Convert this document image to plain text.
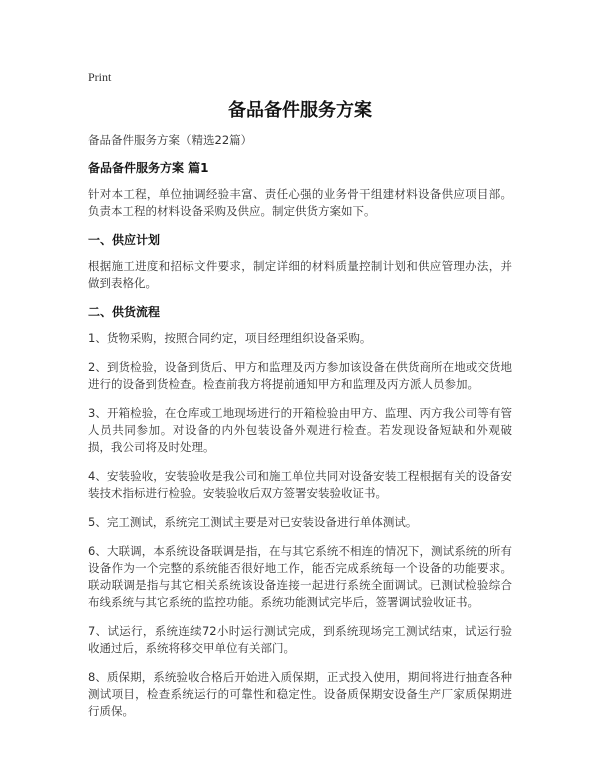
Print
备品备件服务方案
备品备件服务方案（精选22篇）
备品备件服务方案 篇1
针对本工程，单位抽调经验丰富、责任心强的业务骨干组建材料设备供应项目部。负责本工程的材料设备采购及供应。制定供货方案如下。
一、供应计划
根据施工进度和招标文件要求，制定详细的材料质量控制计划和供应管理办法，并做到表格化。
二、供货流程
1、货物采购，按照合同约定，项目经理组织设备采购。
2、到货检验，设备到货后、甲方和监理及丙方参加该设备在供货商所在地或交货地进行的设备到货检查。检查前我方将提前通知甲方和监理及丙方派人员参加。
3、开箱检验，在仓库或工地现场进行的开箱检验由甲方、监理、丙方我公司等有管人员共同参加。对设备的内外包装设备外观进行检查。若发现设备短缺和外观破损，我公司将及时处理。
4、安装验收，安装验收是我公司和施工单位共同对设备安装工程根据有关的设备安装技术指标进行检验。安装验收后双方签署安装验收证书。
5、完工测试，系统完工测试主要是对已安装设备进行单体测试。
6、大联调，本系统设备联调是指，在与其它系统不相连的情况下，测试系统的所有设备作为一个完整的系统能否很好地工作，能否完成系统每一个设备的功能要求。联动联调是指与其它相关系统该设备连接一起进行系统全面调试。已测试检验综合布线系统与其它系统的监控功能。系统功能测试完毕后，签署调试验收证书。
7、试运行，系统连续72小时运行测试完成，到系统现场完工测试结束，试运行验收通过后，系统将移交甲单位有关部门。
8、质保期，系统验收合格后开始进入质保期，正式投入使用，期间将进行抽查各种测试项目，检查系统运行的可靠性和稳定性。设备质保期安设备生产厂家质保期进行质保。
